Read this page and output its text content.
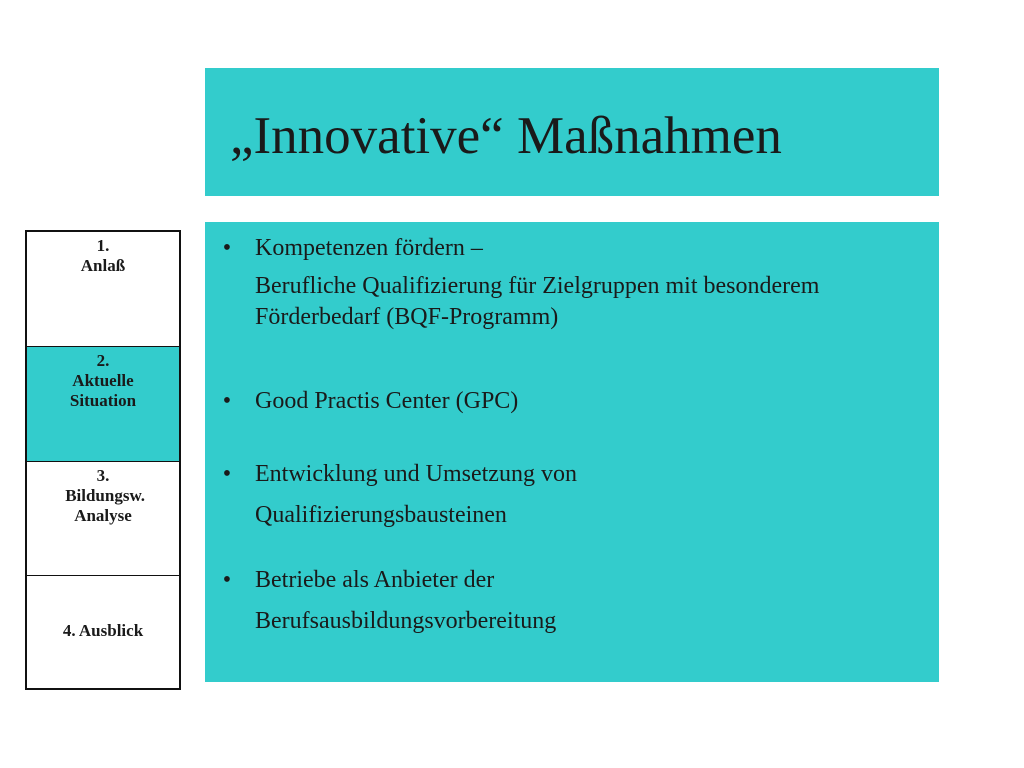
„Innovative“ Maßnahmen
1.
Anlaß
2.
Aktuelle
Situation
3.
Bildungsw.
Analyse
4. Ausblick
• Kompetenzen fördern –
Berufliche Qualifizierung für Zielgruppen mit besonderem Förderbedarf (BQF-Programm)
• Good Practis Center (GPC)
• Entwicklung und Umsetzung von
Qualifizierungsbausteinen
• Betriebe als Anbieter der
Berufsausbildungsvorbereitung
